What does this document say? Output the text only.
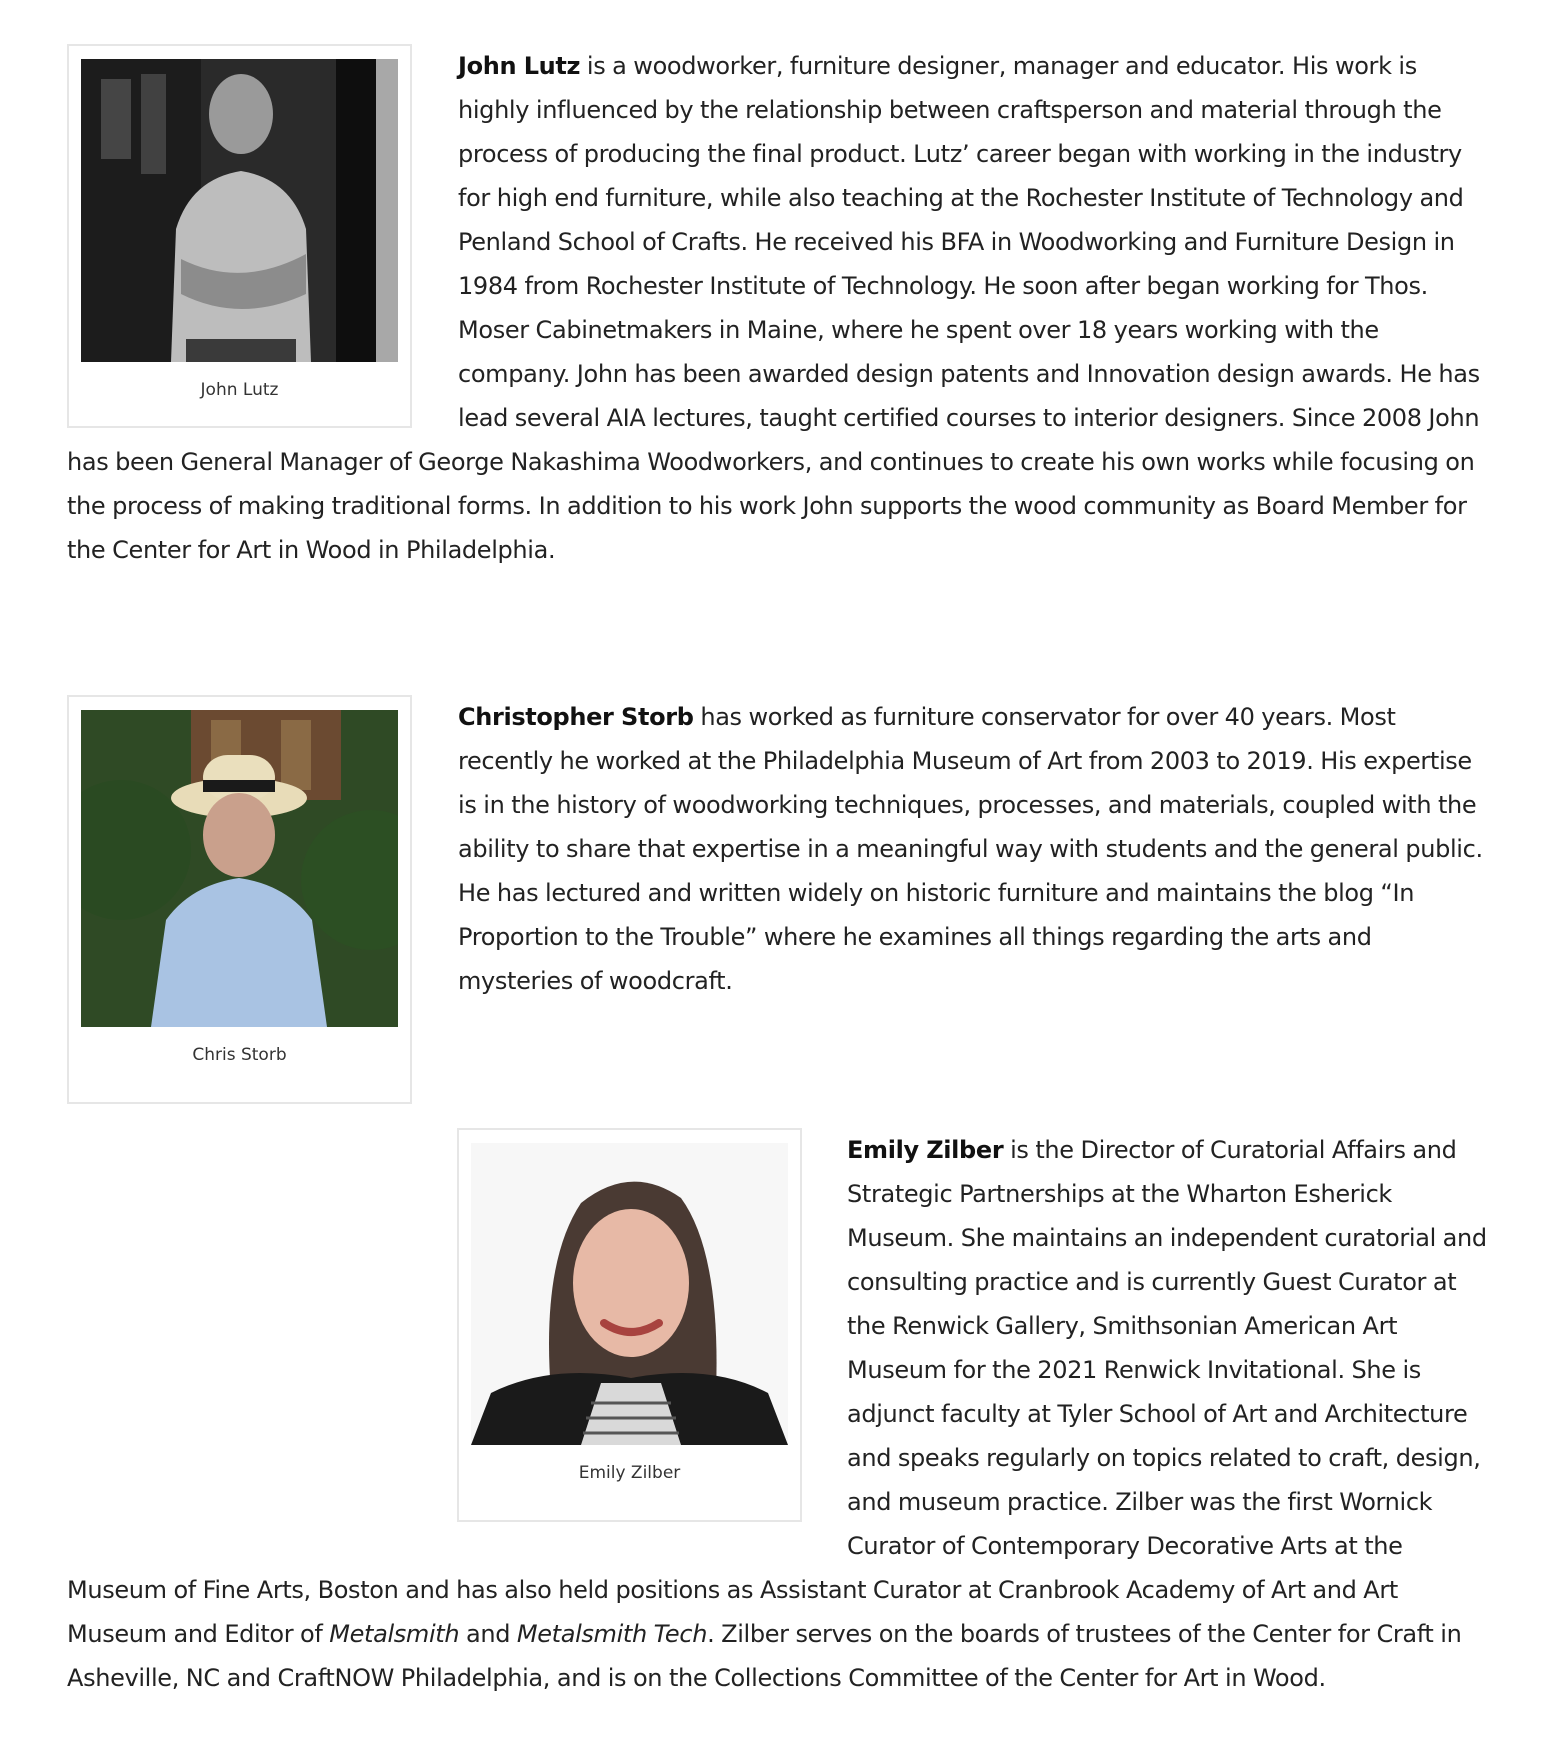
John Lutz

John Lutz is a woodworker, furniture designer, manager and educator. His work is highly influenced by the relationship between craftsperson and material through the process of producing the final product. Lutz’ career began with working in the industry for high end furniture, while also teaching at the Rochester Institute of Technology and Penland School of Crafts. He received his BFA in Woodworking and Furniture Design in 1984 from Rochester Institute of Technology. He soon after began working for Thos. Moser Cabinetmakers in Maine, where he spent over 18 years working with the company. John has been awarded design patents and Innovation design awards. He has lead several AIA lectures, taught certified courses to interior designers. Since 2008 John has been General Manager of George Nakashima Woodworkers, and continues to create his own works while focusing on the process of making traditional forms. In addition to his work John supports the wood community as Board Member for the Center for Art in Wood in Philadelphia.

Chris Storb

Christopher Storb has worked as furniture conservator for over 40 years. Most recently he worked at the Philadelphia Museum of Art from 2003 to 2019. His expertise is in the history of woodworking techniques, processes, and materials, coupled with the ability to share that expertise in a meaningful way with students and the general public. He has lectured and written widely on historic furniture and maintains the blog “In Proportion to the Trouble” where he examines all things regarding the arts and mysteries of woodcraft.

Emily Zilber

Emily Zilber is the Director of Curatorial Affairs and Strategic Partnerships at the Wharton Esherick Museum. She maintains an independent curatorial and consulting practice and is currently Guest Curator at the Renwick Gallery, Smithsonian American Art Museum for the 2021 Renwick Invitational. She is adjunct faculty at Tyler School of Art and Architecture and speaks regularly on topics related to craft, design, and museum practice. Zilber was the first Wornick Curator of Contemporary Decorative Arts at the Museum of Fine Arts, Boston and has also held positions as Assistant Curator at Cranbrook Academy of Art and Art Museum and Editor of Metalsmith and Metalsmith Tech. Zilber serves on the boards of trustees of the Center for Craft in Asheville, NC and CraftNOW Philadelphia, and is on the Collections Committee of the Center for Art in Wood.
